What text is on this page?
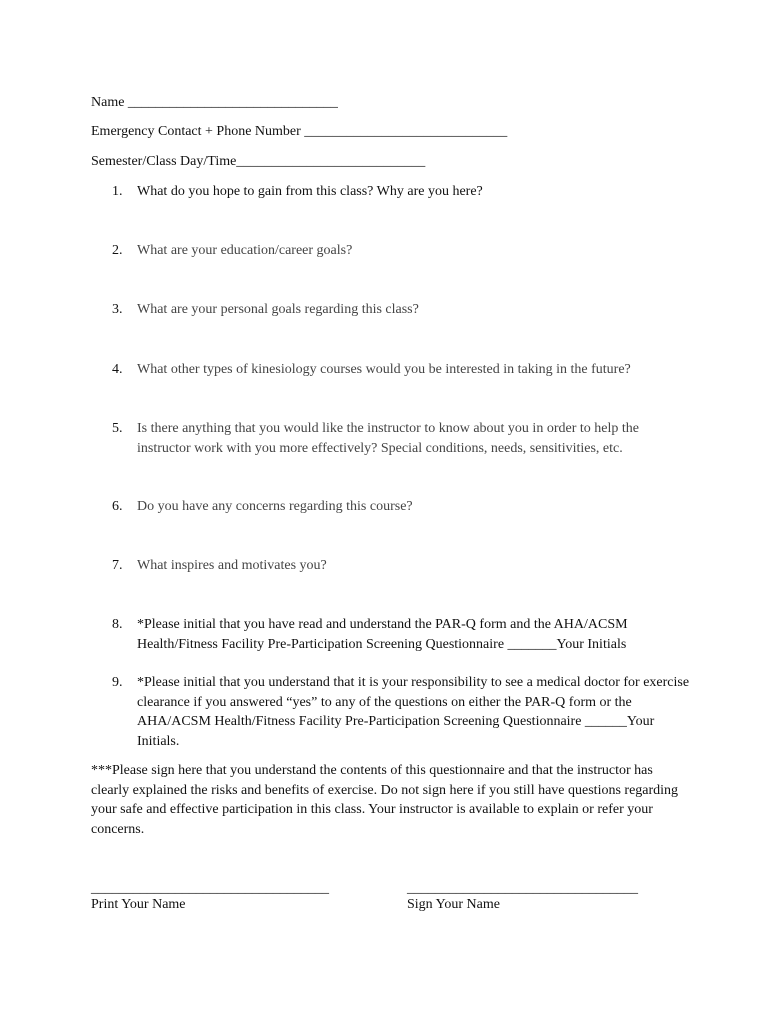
Name ______________________________
Emergency Contact + Phone Number _____________________________
Semester/Class Day/Time___________________________
1.	What do you hope to gain from this class? Why are you here?
2.	What are your education/career goals?
3.	What are your personal goals regarding this class?
4.	What other types of kinesiology courses would you be interested in taking in the future?
5.	Is there anything that you would like the instructor to know about you in order to help the instructor work with you more effectively? Special conditions, needs, sensitivities, etc.
6.	Do you have any concerns regarding this course?
7.	What inspires and motivates you?
8.	*Please initial that you have read and understand the PAR-Q form and the AHA/ACSM Health/Fitness Facility Pre-Participation Screening Questionnaire _______Your Initials
9.	*Please initial that you understand that it is your responsibility to see a medical doctor for exercise clearance if you answered “yes” to any of the questions on either the PAR-Q form or the AHA/ACSM Health/Fitness Facility Pre-Participation Screening Questionnaire ______Your Initials.
***Please sign here that you understand the contents of this questionnaire and that the instructor has clearly explained the risks and benefits of exercise. Do not sign here if you still have questions regarding your safe and effective participation in this class. Your instructor is available to explain or refer your concerns.
__________________________________
Print Your Name
_________________________________
Sign Your Name
